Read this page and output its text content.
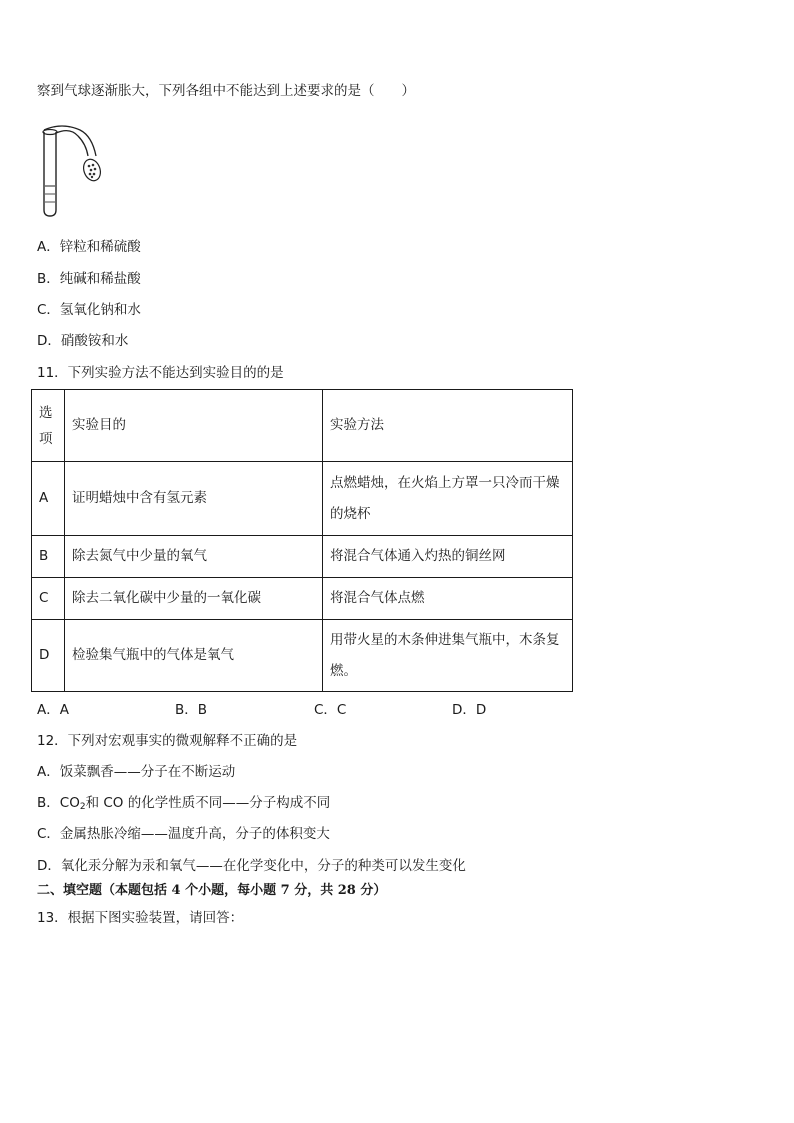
察到气球逐渐胀大，下列各组中不能达到上述要求的是（　　）
A．锌粒和稀硫酸
B．纯碱和稀盐酸
C．氢氧化钠和水
D．硝酸铵和水
11．下列实验方法不能达到实验目的的是
选项	实验目的	实验方法
A	证明蜡烛中含有氢元素	点燃蜡烛，在火焰上方罩一只冷而干燥
的烧杯

B	除去氮气中少量的氧气	将混合气体通入灼热的铜丝网
C	除去二氧化碳中少量的一氧化碳	将混合气体点燃
D	检验集气瓶中的气体是氧气	用带火星的木条伸进集气瓶中，木条复
燃。
A．A	B．B	C．C	D．D
12．下列对宏观事实的微观解释不正确的是
A．饭菜飘香——分子在不断运动
B．$CO_2$和 CO 的化学性质不同——分子构成不同
C．金属热胀冷缩——温度升高，分子的体积变大
D．氧化汞分解为汞和氧气——在化学变化中，分子的种类可以发生变化
二、填空题（本题包括 4 个小题，每小题 7 分，共 28 分）
13．根据下图实验装置，请回答：
